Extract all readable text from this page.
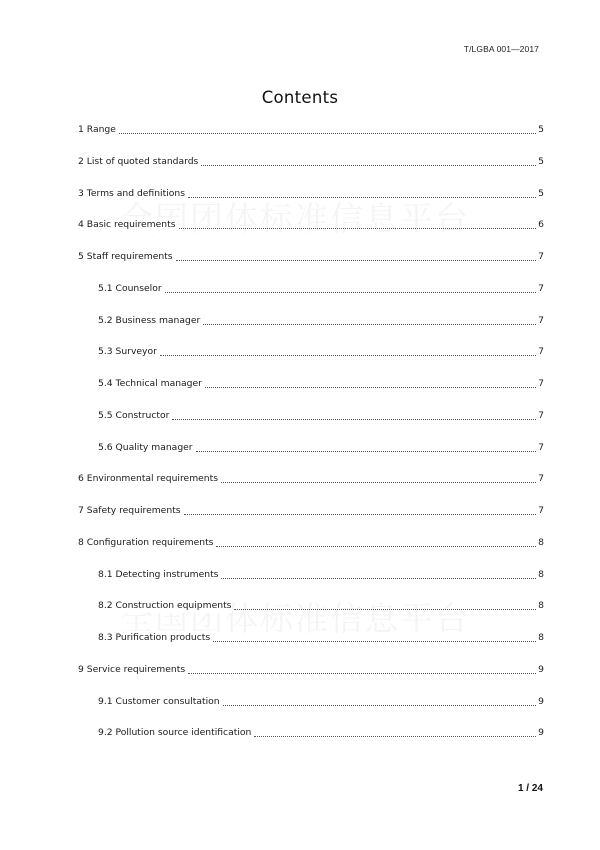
T/LGBA 001—2017
Contents
1 Range	5
2 List of quoted standards	5
3 Terms and definitions	5
4 Basic requirements	6
5 Staff requirements	7
5.1 Counselor	7
5.2 Business manager	7
5.3 Surveyor	7
5.4 Technical manager	7
5.5 Constructor	7
5.6 Quality manager	7
6 Environmental requirements	7
7 Safety requirements	7
8 Configuration requirements	8
8.1 Detecting instruments	8
8.2 Construction equipments	8
8.3 Purification products	8
9 Service requirements	9
9.1 Customer consultation	9
9.2 Pollution source identification	9
1 / 24
